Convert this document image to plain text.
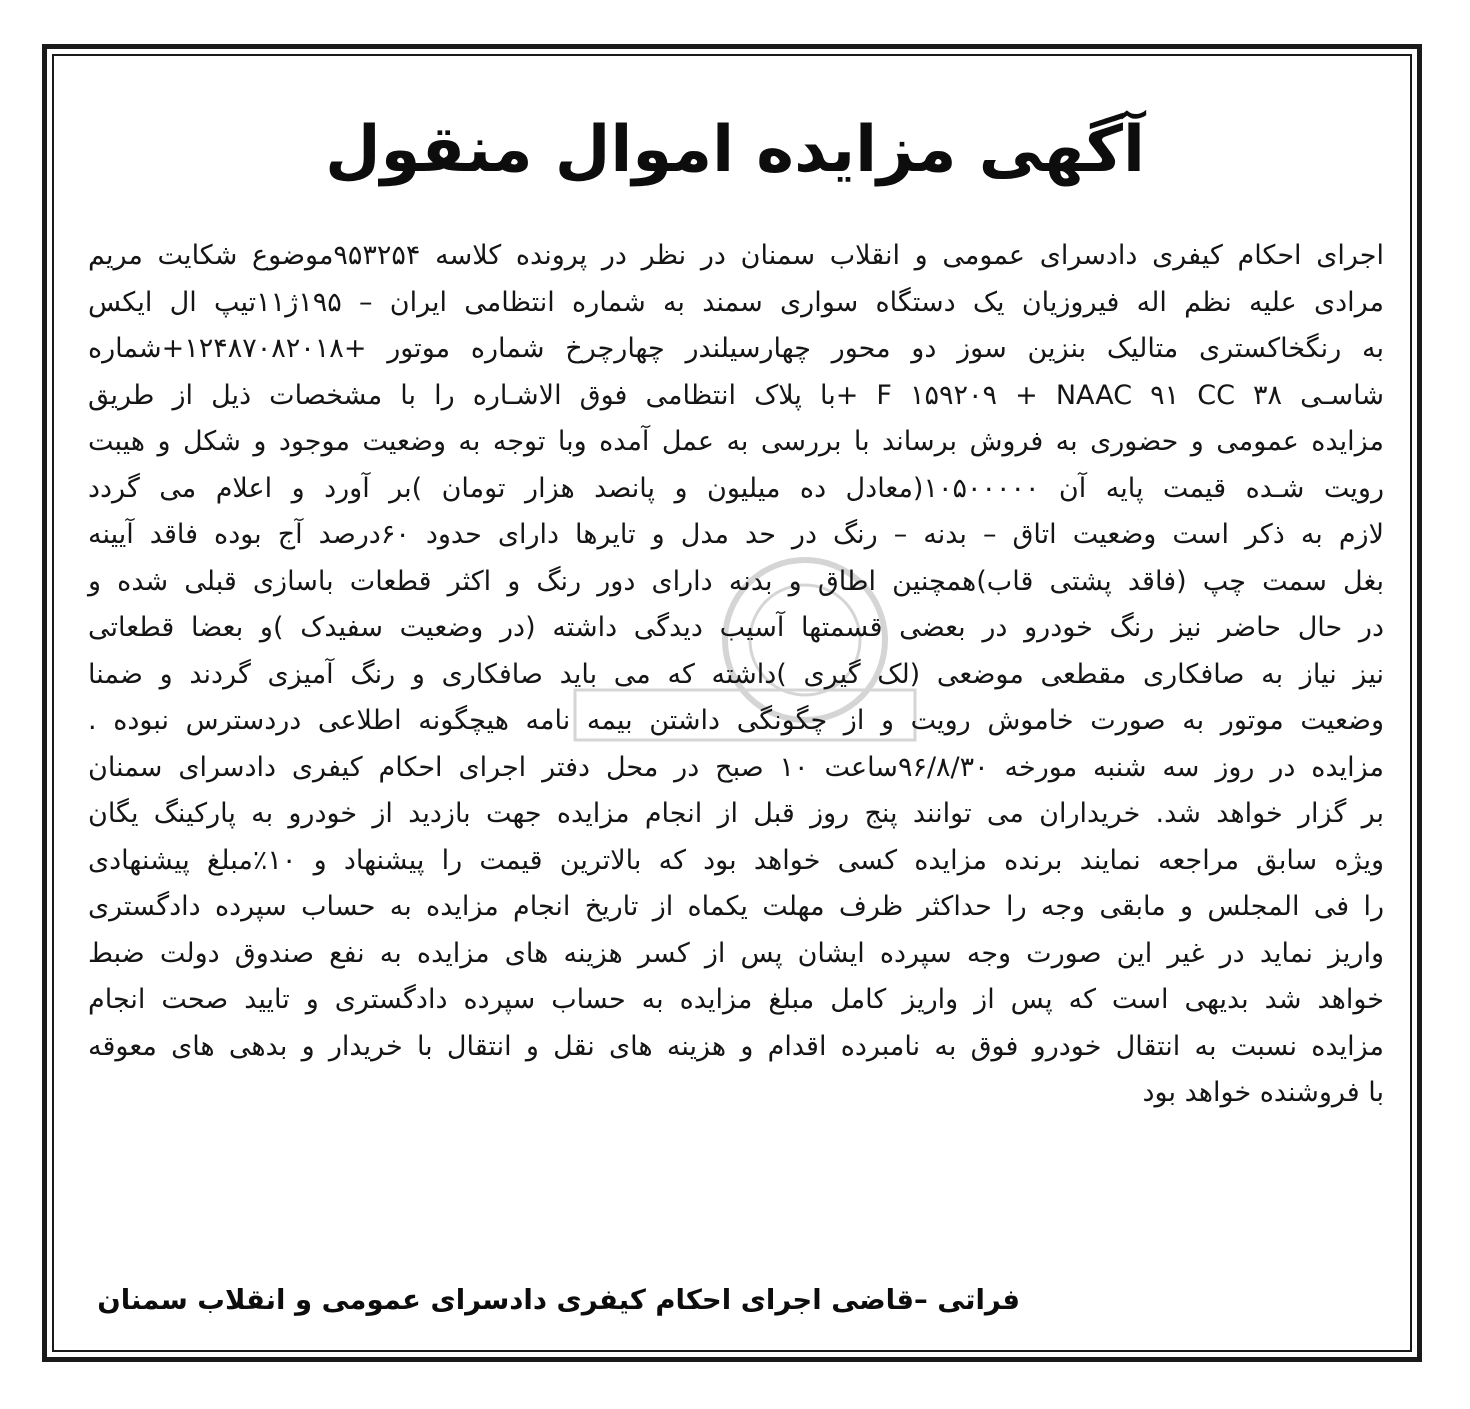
آگهی مزایده اموال منقول
اجرای احکام کیفری دادسرای عمومی و انقلاب سمنان در نظر در پرونده کلاسه ۹۵۳۲۵۴موضوع شکایت مریم
مرادی علیه نظم اله فیروزیان یک دستگاه سواری سمند به شماره انتظامی ایران – ۱۹۵ژ۱۱تیپ ال ایکس
به رنگخاکستری متالیک بنزین سوز دو محور چهارسیلندر چهارچرخ شماره موتور +۱۲۴۸۷۰۸۲۰۱۸+شماره
شاسـی F ۱۵۹۲۰۹ + NAAC ۹۱ CC ۳۸ +با پلاک انتظامی فوق الاشـاره را با مشخصات ذیل از طریق
مزایده عمومی و حضوری به فروش برساند با بررسی به عمل آمده وبا توجه به وضعیت موجود و شکل و هیبت
رویت شـده قیمت پایه آن ۱۰۵۰۰۰۰۰(معادل ده میلیون و پانصد هزار تومان )بر آورد و اعلام می گردد
لازم به ذکر است وضعیت اتاق – بدنه – رنگ در حد مدل و تایرها دارای حدود ۶۰درصد آج بوده فاقد آیینه
بغل سمت چپ (فاقد پشتی قاب)همچنین اطاق و بدنه دارای دور رنگ و اکثر قطعات باسازی قبلی شده و
در حال حاضر نیز رنگ خودرو در بعضی قسمتها آسیب دیدگی داشته (در وضعیت سفیدک )و بعضا قطعاتی
نیز نیاز به صافکاری مقطعی موضعی (لک گیری )داشته که می باید صافکاری و رنگ آمیزی گردند و ضمنا
وضعیت موتور به صورت خاموش رویت و از چگونگی داشتن بیمه نامه هیچگونه اطلاعی دردسترس نبوده .
مزایده در روز سه شنبه مورخه ۹۶/۸/۳۰ساعت ۱۰ صبح در محل دفتر اجرای احکام کیفری دادسرای سمنان
بر گزار خواهد شد. خریداران می توانند پنج روز قبل از انجام مزایده جهت بازدید از خودرو به پارکینگ یگان
ویژه سابق مراجعه نمایند برنده مزایده کسی خواهد بود که بالاترین قیمت را پیشنهاد و ۱۰٪مبلغ پیشنهادی
را فی المجلس و مابقی وجه را حداکثر ظرف مهلت یکماه از تاریخ انجام مزایده به حساب سپرده دادگستری
واریز نماید در غیر این صورت وجه سپرده ایشان پس از کسر هزینه های مزایده به نفع صندوق دولت ضبط
خواهد شد بدیهی است که پس از واریز کامل مبلغ مزایده به حساب سپرده دادگستری و تایید صحت انجام
مزایده نسبت به انتقال خودرو فوق به نامبرده اقدام و هزینه های نقل و انتقال با خریدار و بدهی های معوقه
با فروشنده خواهد بود
فراتی –قاضی اجرای احکام کیفری دادسرای عمومی و انقلاب سمنان
